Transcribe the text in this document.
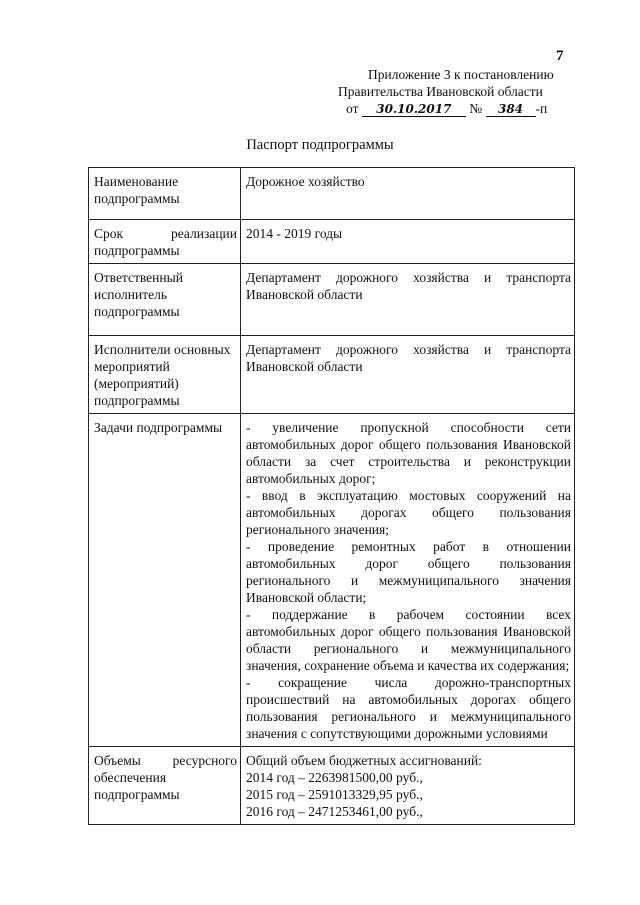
7
Приложение 3 к постановлению
Правительства Ивановской области
от 30.10.2017 № 384 -п
Паспорт подпрограммы
Наименование
подпрограммы	Дорожное хозяйство

Срок реализации
подпрограммы	2014 - 2019 годы

Ответственный
исполнитель
подпрограммы	Департамент дорожного хозяйства и транспорта Ивановской области

Исполнители основных
мероприятий
(мероприятий)
подпрограммы	Департамент дорожного хозяйства и транспорта Ивановской области

Задачи подпрограммы	- увеличение пропускной способности сети автомобильных дорог общего пользования Ивановской области за счет строительства и реконструкции автомобильных дорог;
- ввод в эксплуатацию мостовых сооружений на автомобильных дорогах общего пользования регионального значения;
- проведение ремонтных работ в отношении автомобильных дорог общего пользования регионального и межмуниципального значения Ивановской области;
- поддержание в рабочем состоянии всех автомобильных дорог общего пользования Ивановской области регионального и межмуниципального значения, сохранение объема и качества их содержания;
- сокращение числа дорожно-транспортных происшествий на автомобильных дорогах общего пользования регионального и межмуниципального значения с сопутствующими дорожными условиями

Объемы ресурсного
обеспечения
подпрограммы	Общий объем бюджетных ассигнований:
2014 год – 2263981500,00 руб.,
2015 год – 2591013329,95 руб.,
2016 год – 2471253461,00 руб.,
